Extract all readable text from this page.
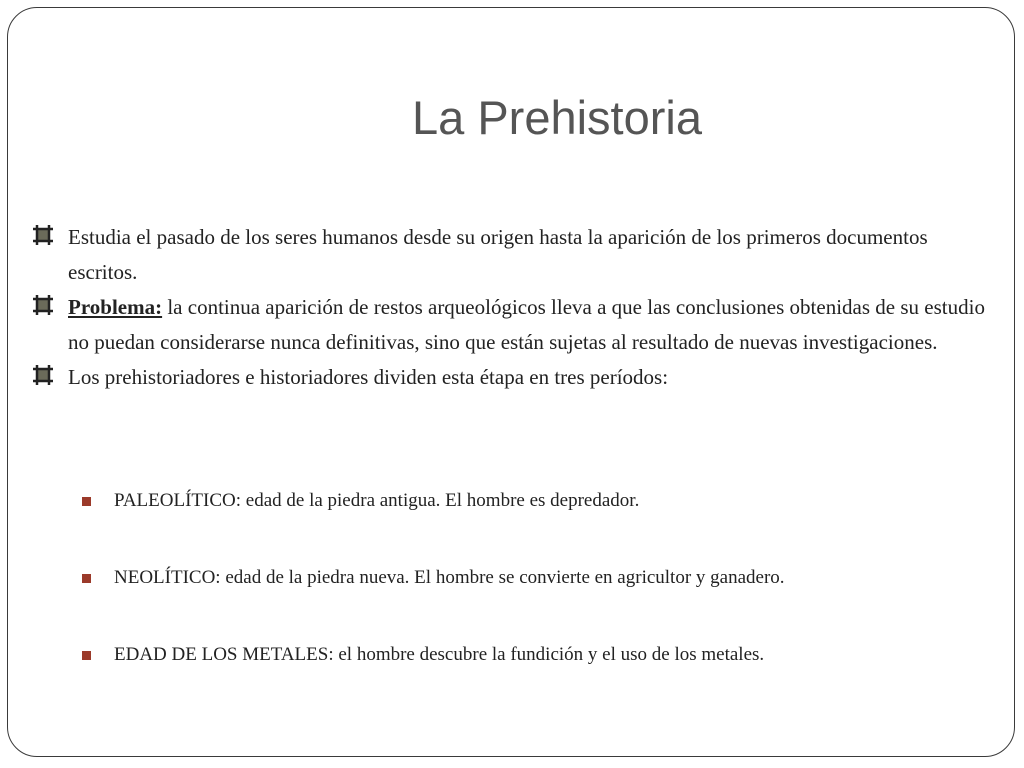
La Prehistoria
Estudia el pasado de los seres humanos desde su origen hasta la aparición de los primeros documentos escritos.
Problema: la continua aparición de restos arqueológicos lleva a que las conclusiones obtenidas de su estudio no puedan considerarse nunca definitivas, sino que están sujetas al resultado de nuevas investigaciones.
Los prehistoriadores e historiadores dividen esta étapa en tres períodos:
PALEOLÍTICO: edad de la piedra antigua. El hombre es depredador.
NEOLÍTICO: edad de la piedra nueva. El hombre se convierte en agricultor y ganadero.
EDAD DE LOS METALES: el hombre descubre la fundición y el uso de los metales.
